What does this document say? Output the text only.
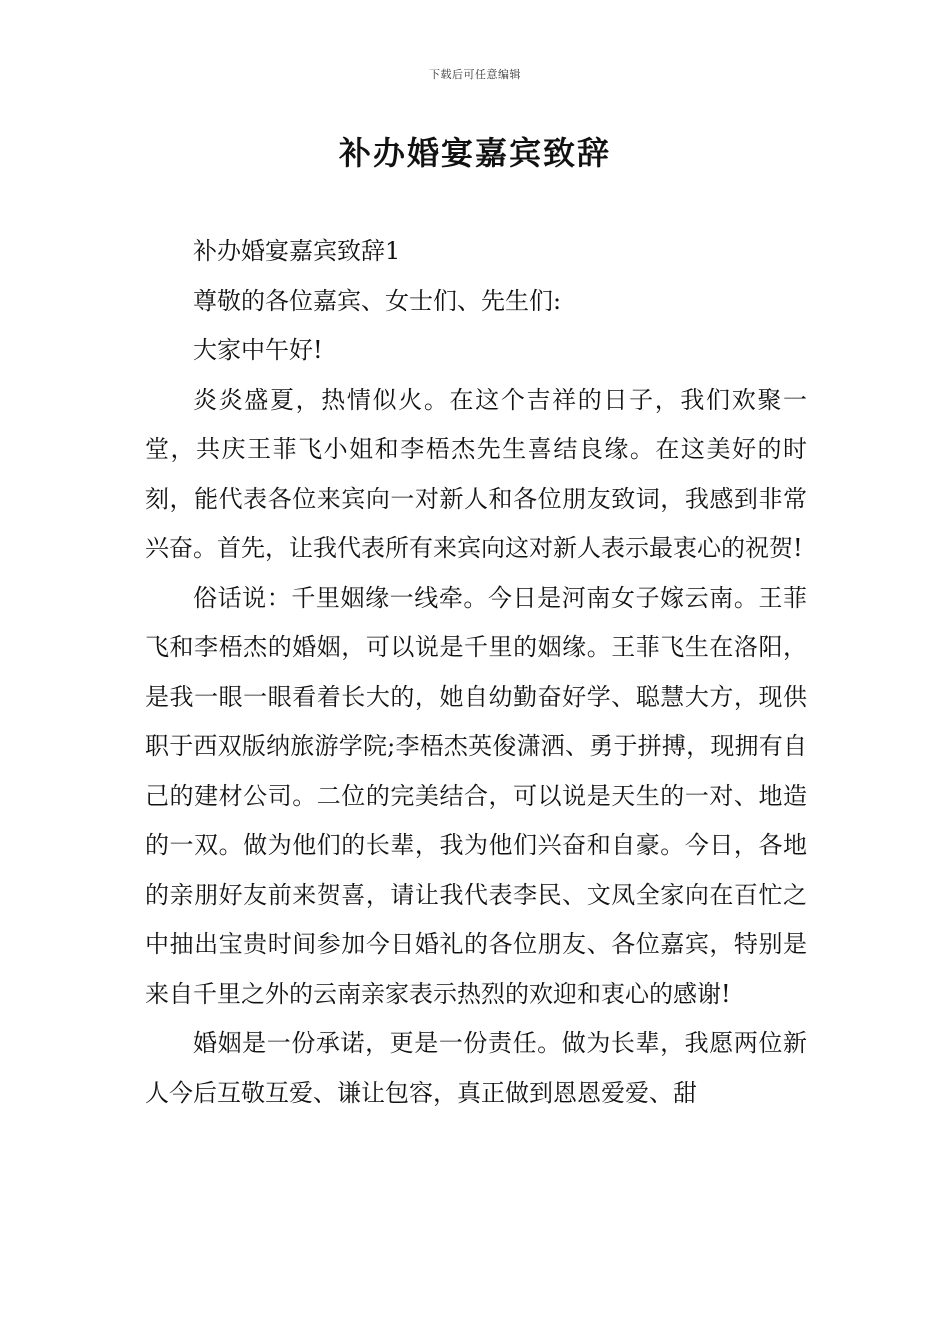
下载后可任意编辑
补办婚宴嘉宾致辞

补办婚宴嘉宾致辞1

尊敬的各位嘉宾、女士们、先生们:

大家中午好!

炎炎盛夏，热情似火。在这个吉祥的日子，我们欢聚一堂，共庆王菲飞小姐和李梧杰先生喜结良缘。在这美好的时刻，能代表各位来宾向一对新人和各位朋友致词，我感到非常兴奋。首先，让我代表所有来宾向这对新人表示最衷心的祝贺!

俗话说：千里姻缘一线牵。今日是河南女子嫁云南。王菲飞和李梧杰的婚姻，可以说是千里的姻缘。王菲飞生在洛阳，是我一眼一眼看着长大的，她自幼勤奋好学、聪慧大方，现供职于西双版纳旅游学院;李梧杰英俊潇洒、勇于拼搏，现拥有自己的建材公司。二位的完美结合，可以说是天生的一对、地造的一双。做为他们的长辈，我为他们兴奋和自豪。今日，各地的亲朋好友前来贺喜，请让我代表李民、文凤全家向在百忙之中抽出宝贵时间参加今日婚礼的各位朋友、各位嘉宾，特别是来自千里之外的云南亲家表示热烈的欢迎和衷心的感谢!

婚姻是一份承诺，更是一份责任。做为长辈，我愿两位新人今后互敬互爱、谦让包容，真正做到恩恩爱爱、甜
